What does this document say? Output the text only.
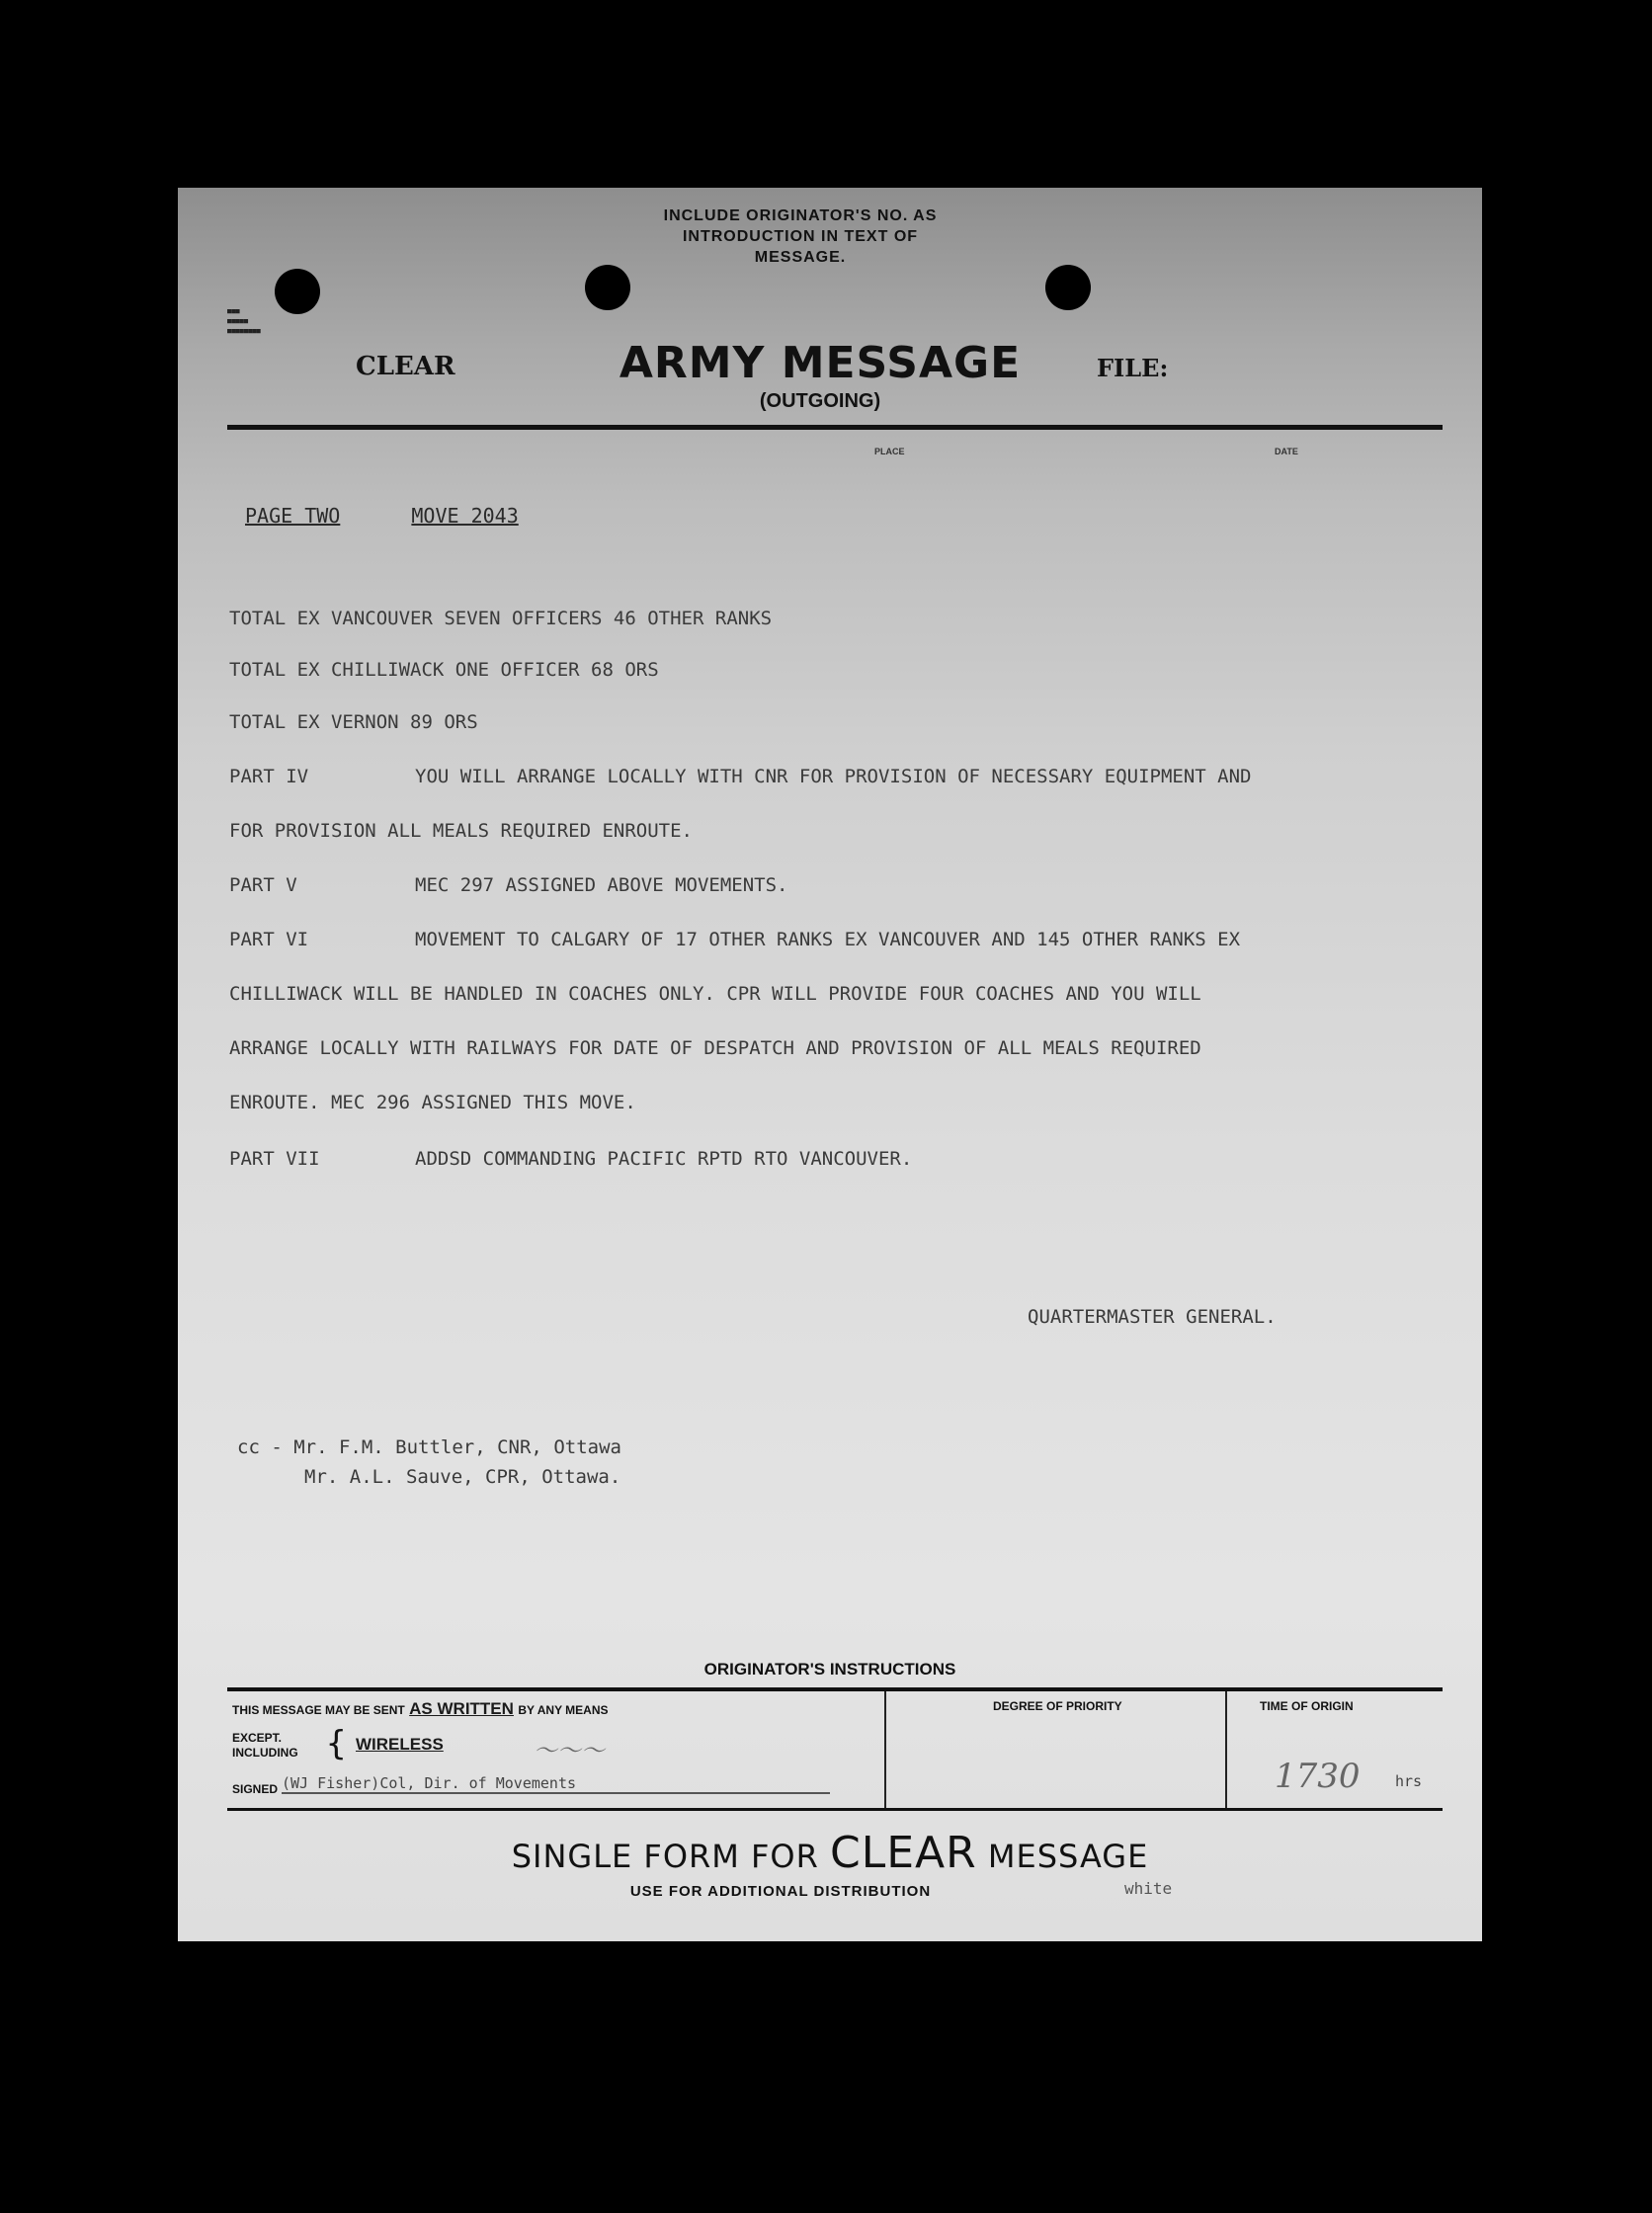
INCLUDE ORIGINATOR'S NO. AS
INTRODUCTION IN TEXT OF
MESSAGE.
■■■
■■■■■
■■■■■■■■
CLEAR	ARMY MESSAGE
(OUTGOING)
FILE:
PLACE	DATE
PAGE TWO	MOVE 2043
TOTAL EX VANCOUVER SEVEN OFFICERS 46 OTHER RANKS
TOTAL EX CHILLIWACK ONE OFFICER 68 ORS
TOTAL EX VERNON 89 ORS
PART IV	YOU WILL ARRANGE LOCALLY WITH CNR FOR PROVISION OF NECESSARY EQUIPMENT AND
FOR PROVISION ALL MEALS REQUIRED ENROUTE.
PART V	MEC 297 ASSIGNED ABOVE MOVEMENTS.
PART VI	MOVEMENT TO CALGARY OF 17 OTHER RANKS EX VANCOUVER AND 145 OTHER RANKS EX
CHILLIWACK WILL BE HANDLED IN COACHES ONLY. CPR WILL PROVIDE FOUR COACHES AND YOU WILL
ARRANGE LOCALLY WITH RAILWAYS FOR DATE OF DESPATCH AND PROVISION OF ALL MEALS REQUIRED
ENROUTE. MEC 296 ASSIGNED THIS MOVE.
PART VII	ADDSD COMMANDING PACIFIC RPTD RTO VANCOUVER.
QUARTERMASTER GENERAL.
cc - Mr. F.M. Buttler, CNR, Ottawa
Mr. A.L. Sauve, CPR, Ottawa.
ORIGINATOR'S INSTRUCTIONS
THIS MESSAGE MAY BE SENT AS WRITTEN BY ANY MEANS
EXCEPT.
INCLUDING { WIRELESS	〜〜〜
SIGNED (WJ Fisher)Col, Dir. of Movements
DEGREE OF PRIORITY	TIME OF ORIGIN
1730 hrs
SINGLE FORM FOR CLEAR MESSAGE
USE FOR ADDITIONAL DISTRIBUTION	white
